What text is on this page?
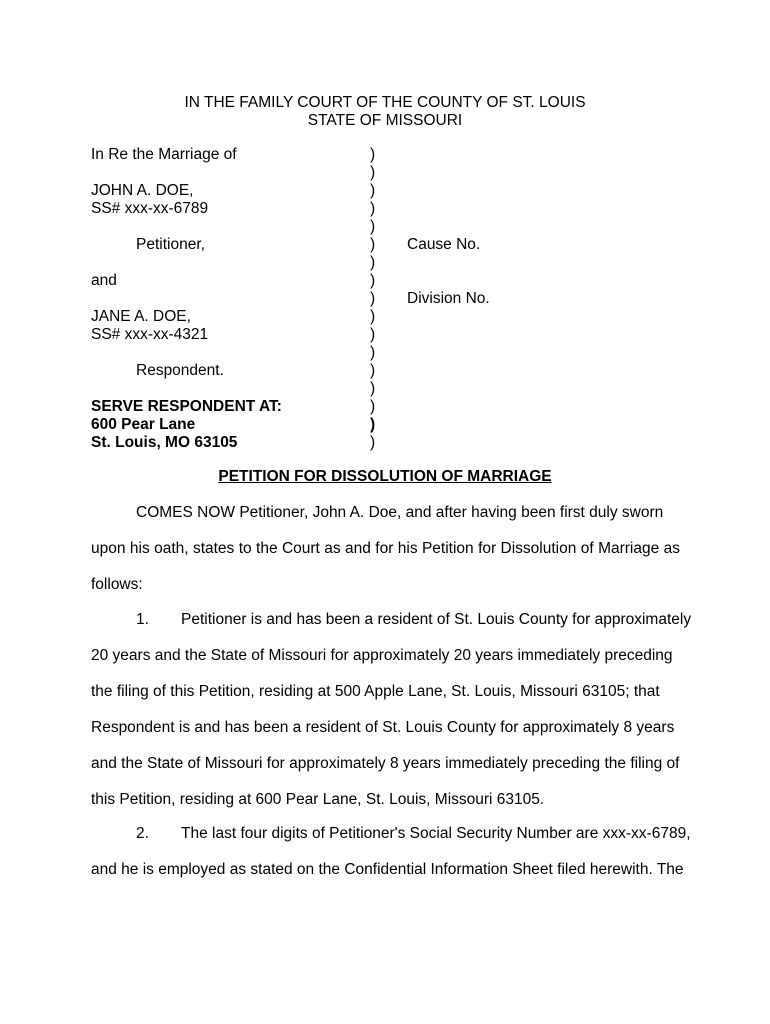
IN THE FAMILY COURT OF THE COUNTY OF ST. LOUIS
STATE OF MISSOURI
In Re the Marriage of
JOHN A. DOE,
SS# xxx-xx-6789
Petitioner,
and
JANE A. DOE,
SS# xxx-xx-4321
Respondent.
SERVE RESPONDENT AT:
600 Pear Lane
St. Louis, MO 63105
)
)
)
)
)
)
)
)
)
)
)
)
)
)
)
)
)
Cause No.
Division No.
PETITION FOR DISSOLUTION OF MARRIAGE
COMES NOW Petitioner, John A. Doe, and after having been first duly sworn
upon his oath, states to the Court as and for his Petition for Dissolution of Marriage as
follows:
1. Petitioner is and has been a resident of St. Louis County for approximately
20 years and the State of Missouri for approximately 20 years immediately preceding
the filing of this Petition, residing at 500 Apple Lane, St. Louis, Missouri 63105; that
Respondent is and has been a resident of St. Louis County for approximately 8 years
and the State of Missouri for approximately 8 years immediately preceding the filing of
this Petition, residing at 600 Pear Lane, St. Louis, Missouri 63105.
2. The last four digits of Petitioner's Social Security Number are xxx-xx-6789,
and he is employed as stated on the Confidential Information Sheet filed herewith. The
